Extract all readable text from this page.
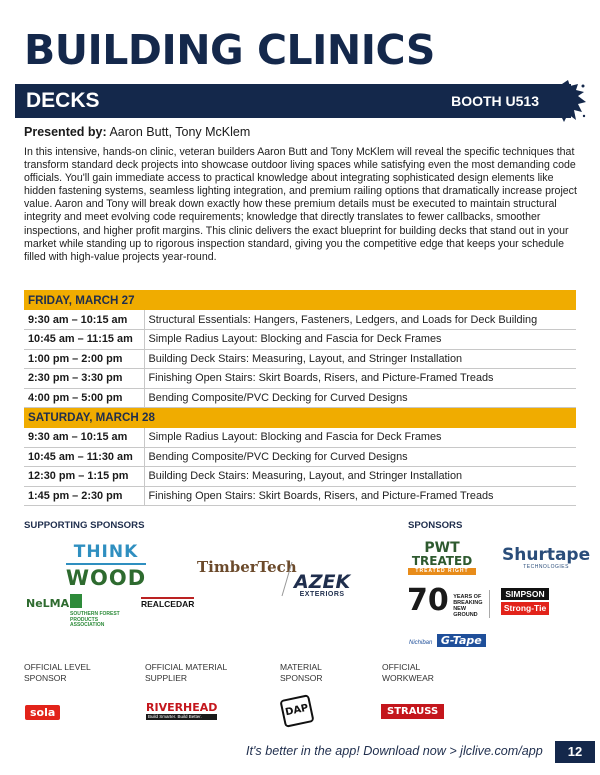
BUILDING CLINICS
DECKS	BOOTH U513
Presented by: Aaron Butt, Tony McKlem
In this intensive, hands-on clinic, veteran builders Aaron Butt and Tony McKlem will reveal the specific techniques that transform standard deck projects into showcase outdoor living spaces while satisfying even the most demanding code officials. You'll gain immediate access to practical knowledge about integrating sophisticated design elements like hidden fastening systems, seamless lighting integration, and premium railing options that dramatically increase project value. Aaron and Tony will break down exactly how these premium details must be executed to maintain structural integrity and meet evolving code requirements; knowledge that directly translates to fewer callbacks, smoother inspections, and higher profit margins. This clinic delivers the exact blueprint for building decks that stand out in your market while standing up to rigorous inspection standard, giving you the competitive edge that keeps your schedule filled with high-value projects year-round.
FRIDAY, MARCH 27	
9:30 am – 10:15 am	Structural Essentials: Hangers, Fasteners, Ledgers, and Loads for Deck Building
10:45 am – 11:15 am	Simple Radius Layout: Blocking and Fascia for Deck Frames
1:00 pm – 2:00 pm	Building Deck Stairs: Measuring, Layout, and Stringer Installation
2:30 pm – 3:30 pm	Finishing Open Stairs: Skirt Boards, Risers, and Picture-Framed Treads
4:00 pm – 5:00 pm	Bending Composite/PVC Decking for Curved Designs
SATURDAY, MARCH 28	
9:30 am – 10:15 am	Simple Radius Layout: Blocking and Fascia for Deck Frames
10:45 am – 11:30 am	Bending Composite/PVC Decking for Curved Designs
12:30 pm – 1:15 pm	Building Deck Stairs: Measuring, Layout, and Stringer Installation
1:45 pm – 2:30 pm	Finishing Open Stairs: Skirt Boards, Risers, and Picture-Framed Treads
SUPPORTING SPONSORS	SPONSORS
THINK
WOOD
NeLMA
SOUTHERN FOREST PRODUCTS ASSOCIATION
REALCEDAR
TimberTech
AZEK
EXTERIORS
PWT
TREATED
TREATED RIGHT
Shurtape
TECHNOLOGIES
70 YEARS OF BREAKING NEW GROUND
SIMPSON
Strong-Tie
Nichiban G-Tape
OFFICIAL LEVEL SPONSOR
OFFICIAL MATERIAL SUPPLIER
MATERIAL SPONSOR
OFFICIAL WORKWEAR
sola	RIVERHEAD
Build Smarter. Build Better.	DAP	STRAUSS
It's better in the app! Download now > jlclive.com/app	12
